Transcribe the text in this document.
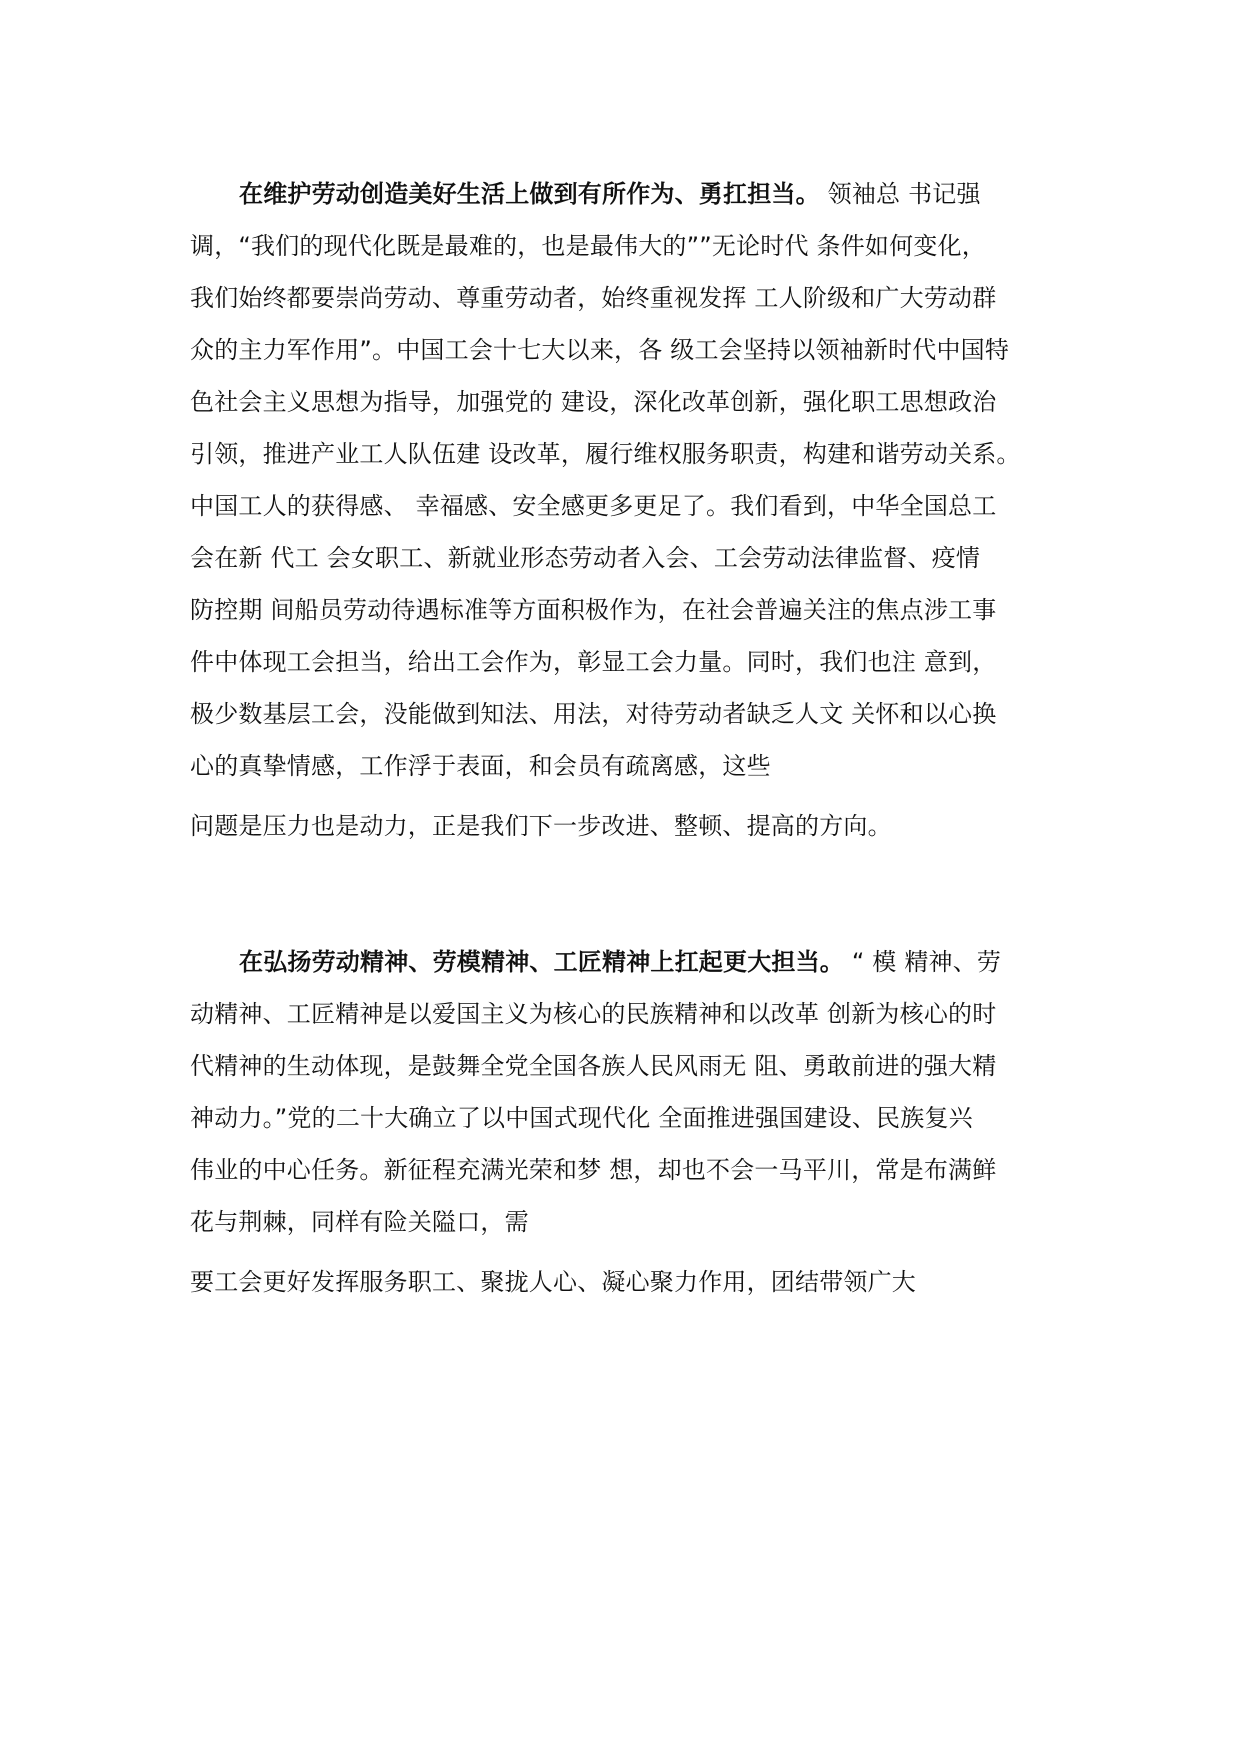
在维护劳动创造美好生活上做到有所作为、勇扛担当。 领袖总 书记强
调，“我们的现代化既是最难的，也是最伟大的””无论时代 条件如何变化，
我们始终都要崇尚劳动、尊重劳动者，始终重视发挥 工人阶级和广大劳动群
众的主力军作用”。中国工会十七大以来，各 级工会坚持以领袖新时代中国特
色社会主义思想为指导，加强党的 建设，深化改革创新，强化职工思想政治
引领，推进产业工人队伍建 设改革，履行维权服务职责，构建和谐劳动关系。
中国工人的获得感、 幸福感、安全感更多更足了。我们看到，中华全国总工
会在新 代工 会女职工、新就业形态劳动者入会、工会劳动法律监督、疫情
防控期 间船员劳动待遇标准等方面积极作为，在社会普遍关注的焦点涉工事
件中体现工会担当，给出工会作为，彰显工会力量。同时，我们也注 意到，
极少数基层工会，没能做到知法、用法，对待劳动者缺乏人文 关怀和以心换
心的真挚情感，工作浮于表面，和会员有疏离感，这些
问题是压力也是动力，正是我们下一步改进、整顿、提高的方向。
在弘扬劳动精神、劳模精神、工匠精神上扛起更大担当。 “ 模 精神、劳
动精神、工匠精神是以爱国主义为核心的民族精神和以改革 创新为核心的时
代精神的生动体现，是鼓舞全党全国各族人民风雨无 阻、勇敢前进的强大精
神动力。”党的二十大确立了以中国式现代化 全面推进强国建设、民族复兴
伟业的中心任务。新征程充满光荣和梦 想，却也不会一马平川，常是布满鲜
花与荆棘，同样有险关隘口，需
要工会更好发挥服务职工、聚拢人心、凝心聚力作用，团结带领广大
